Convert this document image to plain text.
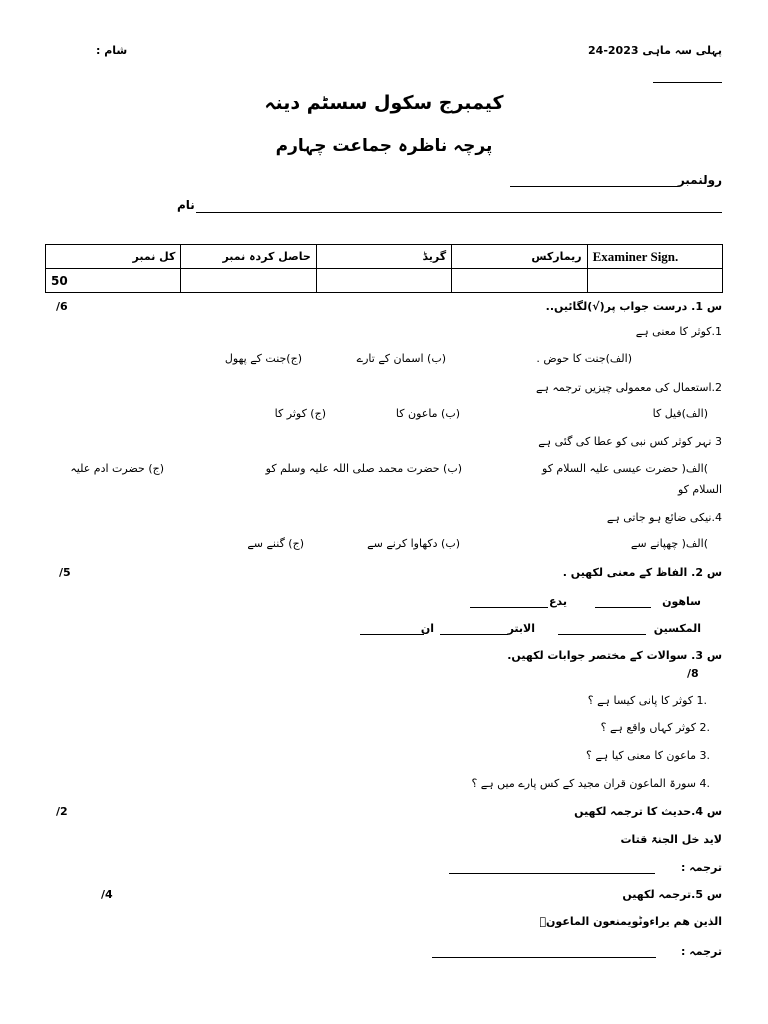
پہلی سہ ماہی 2023-24
شام :
کیمبرج سکول سسٹم دینہ
پرچہ ناظرہ جماعت چہارم
رولنمبر
نام
کل نمبر	حاصل کردہ نمبر	گریڈ	ریمارکس	Examiner Sign.
50				
س 1. درست جواب پر(√)لگائیں..
/6
1.کوثر کا معنی ہے
(الف)جنت کا حوض .
(ب) اسمان کے تارے
(ج)جنت کے پھول
2.استعمال کی معمولی چیزیں ترجمہ ہے
(الف)فیل کا
(ب) ماعون کا
(ج) کوثر کا
3 نہر کوثر کس نبی کو عطا کی گئی ہے
)الف( حضرت عیسی علیہ السلام کو
(ب) حضرت محمد صلی اللہ علیہ وسلم کو
(ج) حضرت ادم علیہ
السلام کو
4.نیکی ضائع ہو جاتی ہے
)الف( چھپانے سے
(ب) دکھاوا کرنے سے
(ج) گننے سے
س 2. الفاظ کے معنی لکھیں .
/5
ساھون
یدع
المکسین
الابتر
ان
س 3. سوالات کے مختصر جوابات لکھیں.
/8
.1 کوثر کا پانی کیسا ہے ؟
.2 کوثر کہاں واقع ہے ؟
.3 ماعون کا معنی کیا ہے ؟
.4 سورۃ الماعون قران مجید کے کس پارے میں ہے ؟
س 4.حدیث کا ترجمہ لکھیں
/2
لاید خل الجنۃ قتات
ترجمہ :
س 5.ترجمہ لکھیں
/4
الذین ھم یراءونؕویمنعون الماعونؒ
ترجمہ :
